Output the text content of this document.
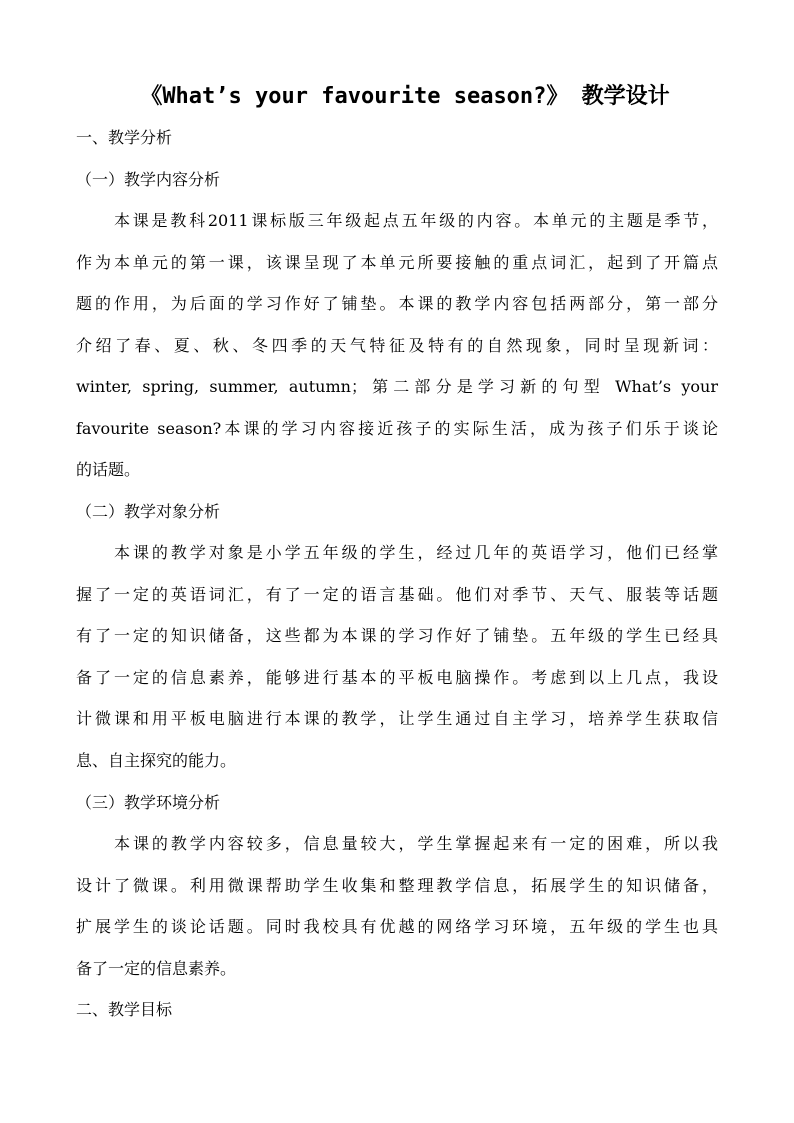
《What’s your favourite season?》 教学设计
一、教学分析
（一）教学内容分析
本课是教科2011课标版三年级起点五年级的内容。本单元的主题是季节，
作为本单元的第一课，该课呈现了本单元所要接触的重点词汇，起到了开篇点
题的作用，为后面的学习作好了铺垫。本课的教学内容包括两部分，第一部分
介绍了春、夏、秋、冬四季的天气特征及特有的自然现象，同时呈现新词：
winter, spring, summer, autumn；第二部分是学习新的句型 What’s your
favourite season?本课的学习内容接近孩子的实际生活，成为孩子们乐于谈论
的话题。
（二）教学对象分析
本课的教学对象是小学五年级的学生，经过几年的英语学习，他们已经掌
握了一定的英语词汇，有了一定的语言基础。他们对季节、天气、服装等话题
有了一定的知识储备，这些都为本课的学习作好了铺垫。五年级的学生已经具
备了一定的信息素养，能够进行基本的平板电脑操作。考虑到以上几点，我设
计微课和用平板电脑进行本课的教学，让学生通过自主学习，培养学生获取信
息、自主探究的能力。
（三）教学环境分析
本课的教学内容较多，信息量较大，学生掌握起来有一定的困难，所以我
设计了微课。利用微课帮助学生收集和整理教学信息，拓展学生的知识储备，
扩展学生的谈论话题。同时我校具有优越的网络学习环境，五年级的学生也具
备了一定的信息素养。
二、教学目标
